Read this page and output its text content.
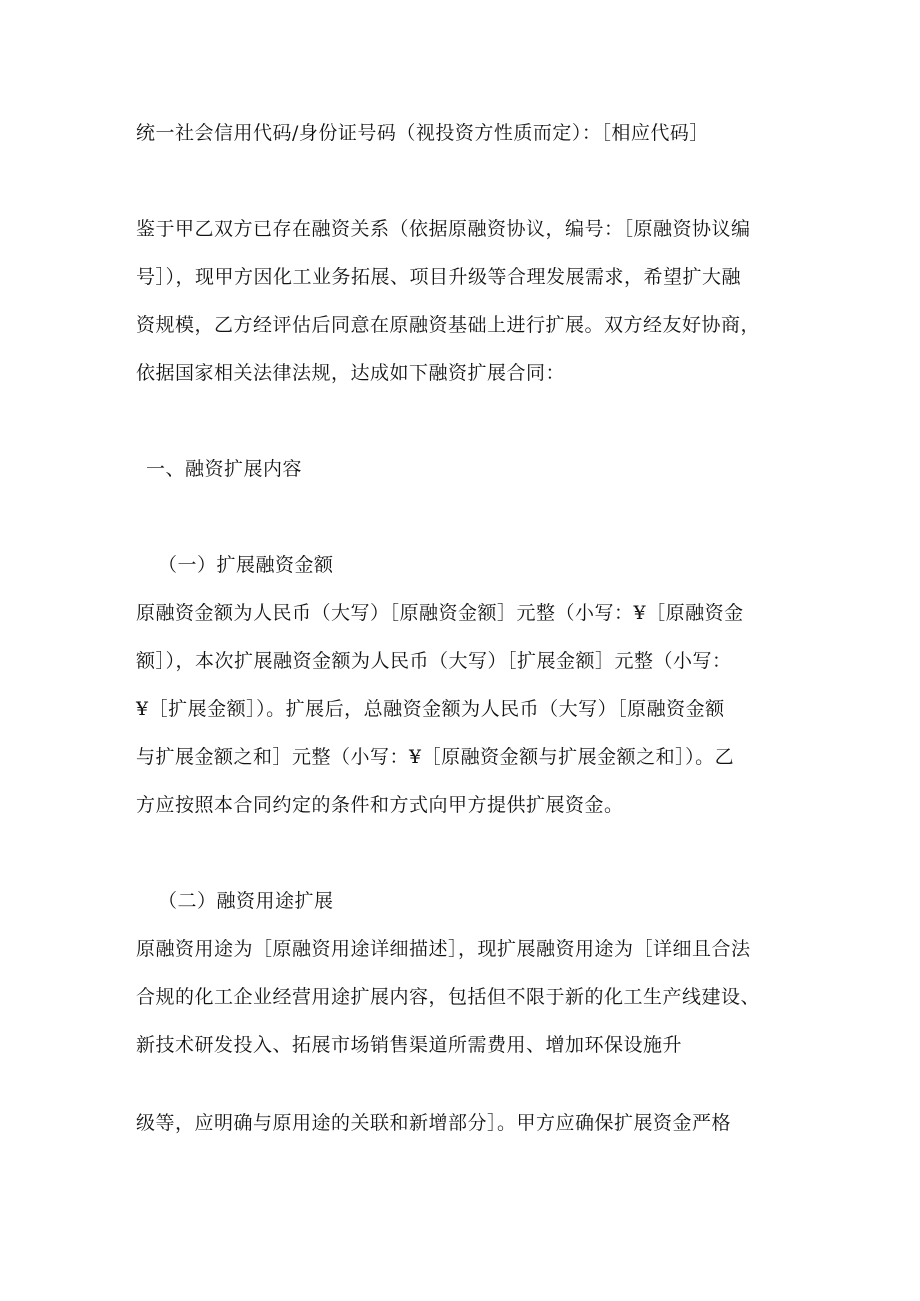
统一社会信用代码/身份证号码（视投资方性质而定）：［相应代码］
鉴于甲乙双方已存在融资关系（依据原融资协议，编号：［原融资协议编
号］），现甲方因化工业务拓展、项目升级等合理发展需求，希望扩大融
资规模，乙方经评估后同意在原融资基础上进行扩展。双方经友好协商，
依据国家相关法律法规，达成如下融资扩展合同：
一、融资扩展内容
（一）扩展融资金额
原融资金额为人民币（大写）［原融资金额］元整（小写：¥［原融资金
额］），本次扩展融资金额为人民币（大写）［扩展金额］元整（小写：
¥［扩展金额］）。扩展后，总融资金额为人民币（大写）［原融资金额
与扩展金额之和］元整（小写：¥［原融资金额与扩展金额之和］）。乙
方应按照本合同约定的条件和方式向甲方提供扩展资金。
（二）融资用途扩展
原融资用途为［原融资用途详细描述］，现扩展融资用途为［详细且合法
合规的化工企业经营用途扩展内容，包括但不限于新的化工生产线建设、
新技术研发投入、拓展市场销售渠道所需费用、增加环保设施升
级等，应明确与原用途的关联和新增部分］。甲方应确保扩展资金严格
